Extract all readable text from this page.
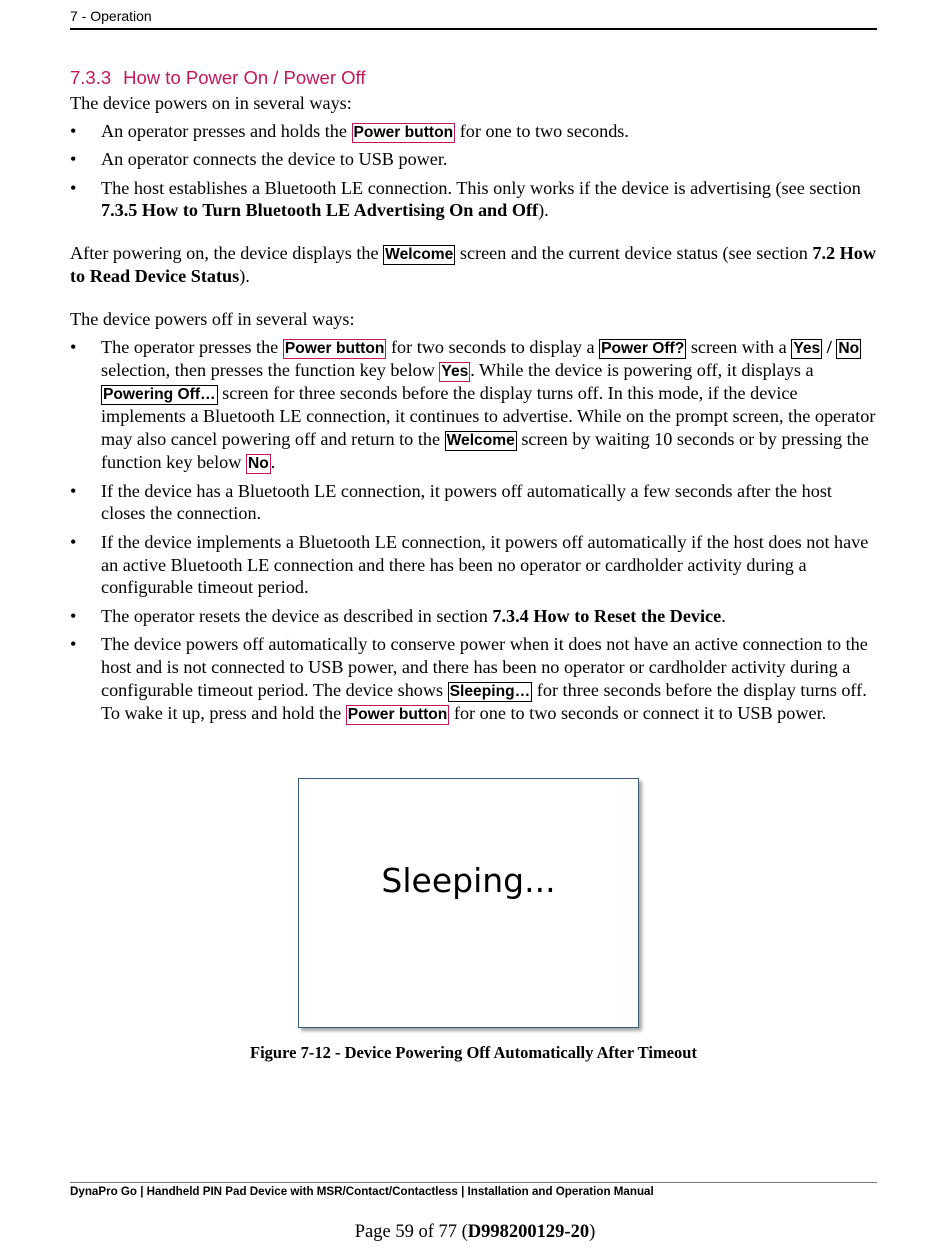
7 - Operation
7.3.3 How to Power On / Power Off

The device powers on in several ways:

• An operator presses and holds the Power button for one to two seconds.
• An operator connects the device to USB power.
• The host establishes a Bluetooth LE connection. This only works if the device is advertising (see section 7.3.5 How to Turn Bluetooth LE Advertising On and Off).

After powering on, the device displays the Welcome screen and the current device status (see section 7.2 How to Read Device Status).

The device powers off in several ways:

• The operator presses the Power button for two seconds to display a Power Off? screen with a Yes / No selection, then presses the function key below Yes . While the device is powering off, it displays a Powering Off… screen for three seconds before the display turns off. In this mode, if the device implements a Bluetooth LE connection, it continues to advertise. While on the prompt screen, the operator may also cancel powering off and return to the Welcome screen by waiting 10 seconds or by pressing the function key below No .
• If the device has a Bluetooth LE connection, it powers off automatically a few seconds after the host closes the connection.
• If the device implements a Bluetooth LE connection, it powers off automatically if the host does not have an active Bluetooth LE connection and there has been no operator or cardholder activity during a configurable timeout period.
• The operator resets the device as described in section 7.3.4 How to Reset the Device.
• The device powers off automatically to conserve power when it does not have an active connection to the host and is not connected to USB power, and there has been no operator or cardholder activity during a configurable timeout period. The device shows Sleeping… for three seconds before the display turns off. To wake it up, press and hold the Power button for one to two seconds or connect it to USB power.
Sleeping...
Figure 7-12 - Device Powering Off Automatically After Timeout
DynaPro Go | Handheld PIN Pad Device with MSR/Contact/Contactless | Installation and Operation Manual
Page 59 of 77 (D998200129-20)
